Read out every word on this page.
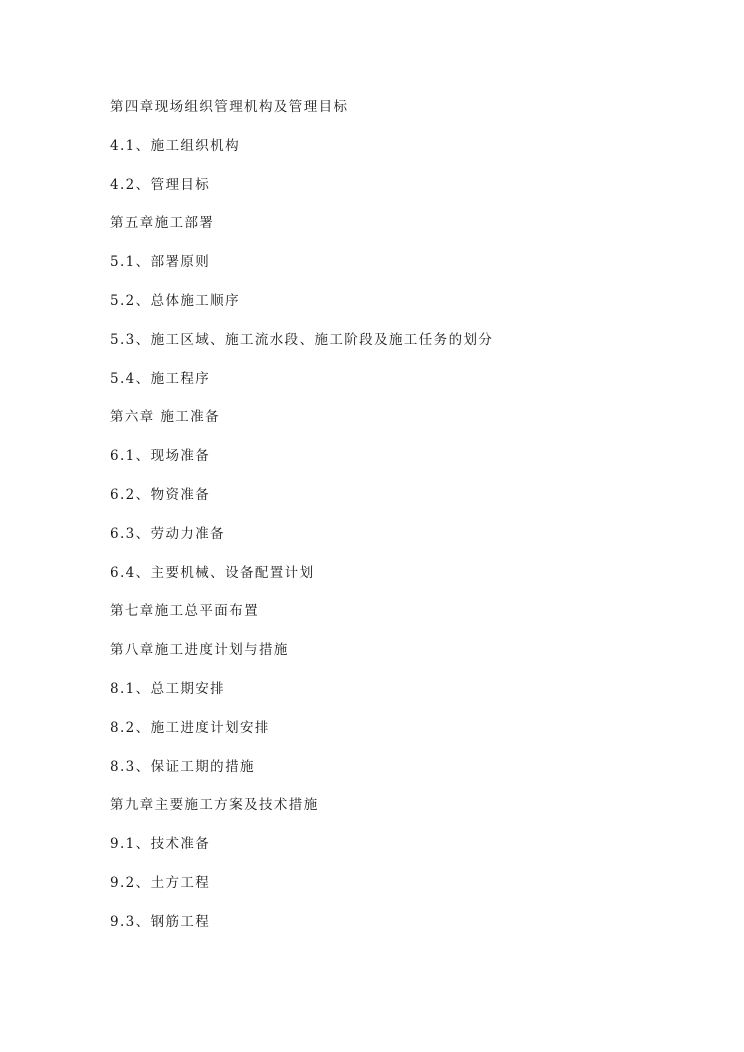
第四章现场组织管理机构及管理目标
4.1、施工组织机构
4.2、管理目标
第五章施工部署
5.1、部署原则
5.2、总体施工顺序
5.3、施工区域、施工流水段、施工阶段及施工任务的划分
5.4、施工程序
第六章 施工准备
6.1、现场准备
6.2、物资准备
6.3、劳动力准备
6.4、主要机械、设备配置计划
第七章施工总平面布置
第八章施工进度计划与措施
8.1、总工期安排
8.2、施工进度计划安排
8.3、保证工期的措施
第九章主要施工方案及技术措施
9.1、技术准备
9.2、土方工程
9.3、钢筋工程
